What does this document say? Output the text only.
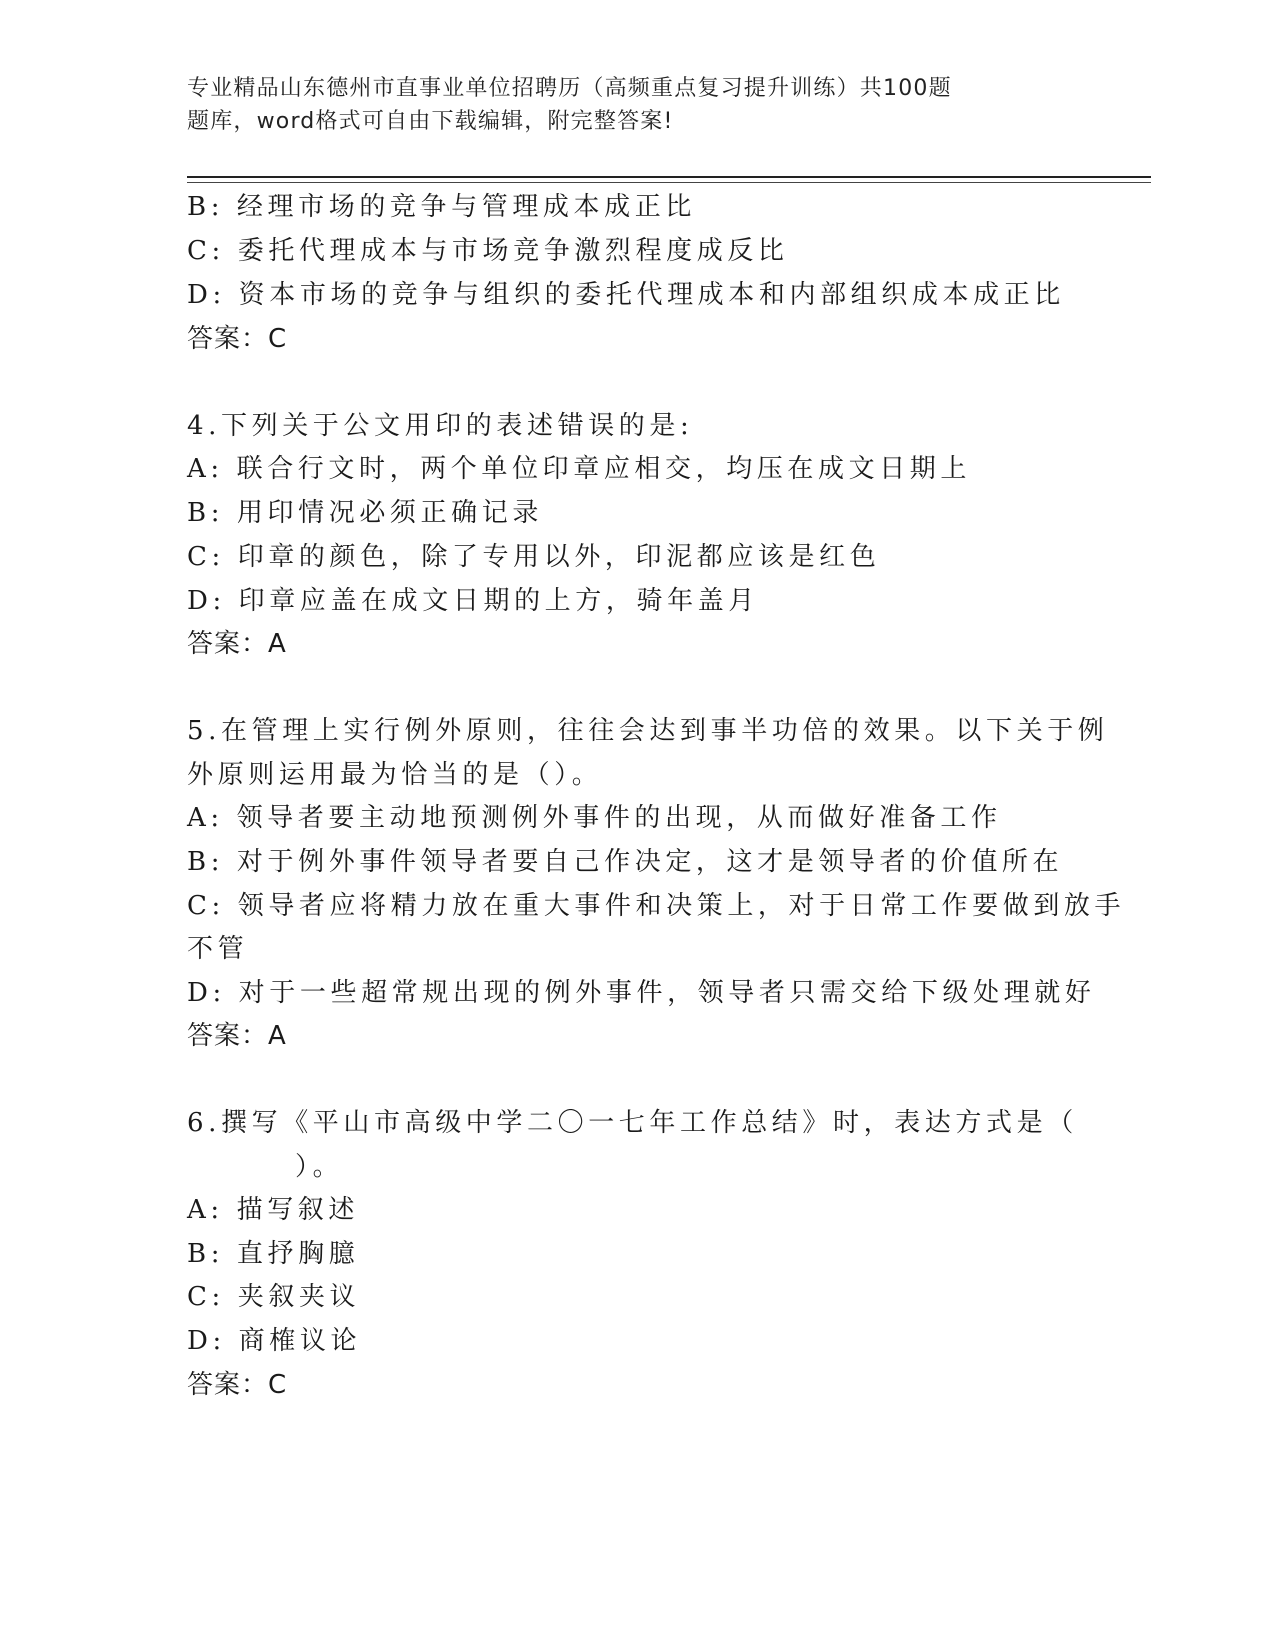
专业精品山东德州市直事业单位招聘历（高频重点复习提升训练）共100题
题库，word格式可自由下载编辑，附完整答案!
B: 经理市场的竞争与管理成本成正比
C: 委托代理成本与市场竞争激烈程度成反比
D: 资本市场的竞争与组织的委托代理成本和内部组织成本成正比
答案：C
4.下列关于公文用印的表述错误的是:
A: 联合行文时，两个单位印章应相交，均压在成文日期上
B: 用印情况必须正确记录
C: 印章的颜色，除了专用以外，印泥都应该是红色
D: 印章应盖在成文日期的上方，骑年盖月
答案：A
5.在管理上实行例外原则，往往会达到事半功倍的效果。以下关于例
外原则运用最为恰当的是（）。
A: 领导者要主动地预测例外事件的出现，从而做好准备工作
B: 对于例外事件领导者要自己作决定，这才是领导者的价值所在
C: 领导者应将精力放在重大事件和决策上，对于日常工作要做到放手
不管
D: 对于一些超常规出现的例外事件，领导者只需交给下级处理就好
答案：A
6.撰写《平山市高级中学二〇一七年工作总结》时，表达方式是（
）。
A: 描写叙述
B: 直抒胸臆
C: 夹叙夹议
D: 商榷议论
答案：C
